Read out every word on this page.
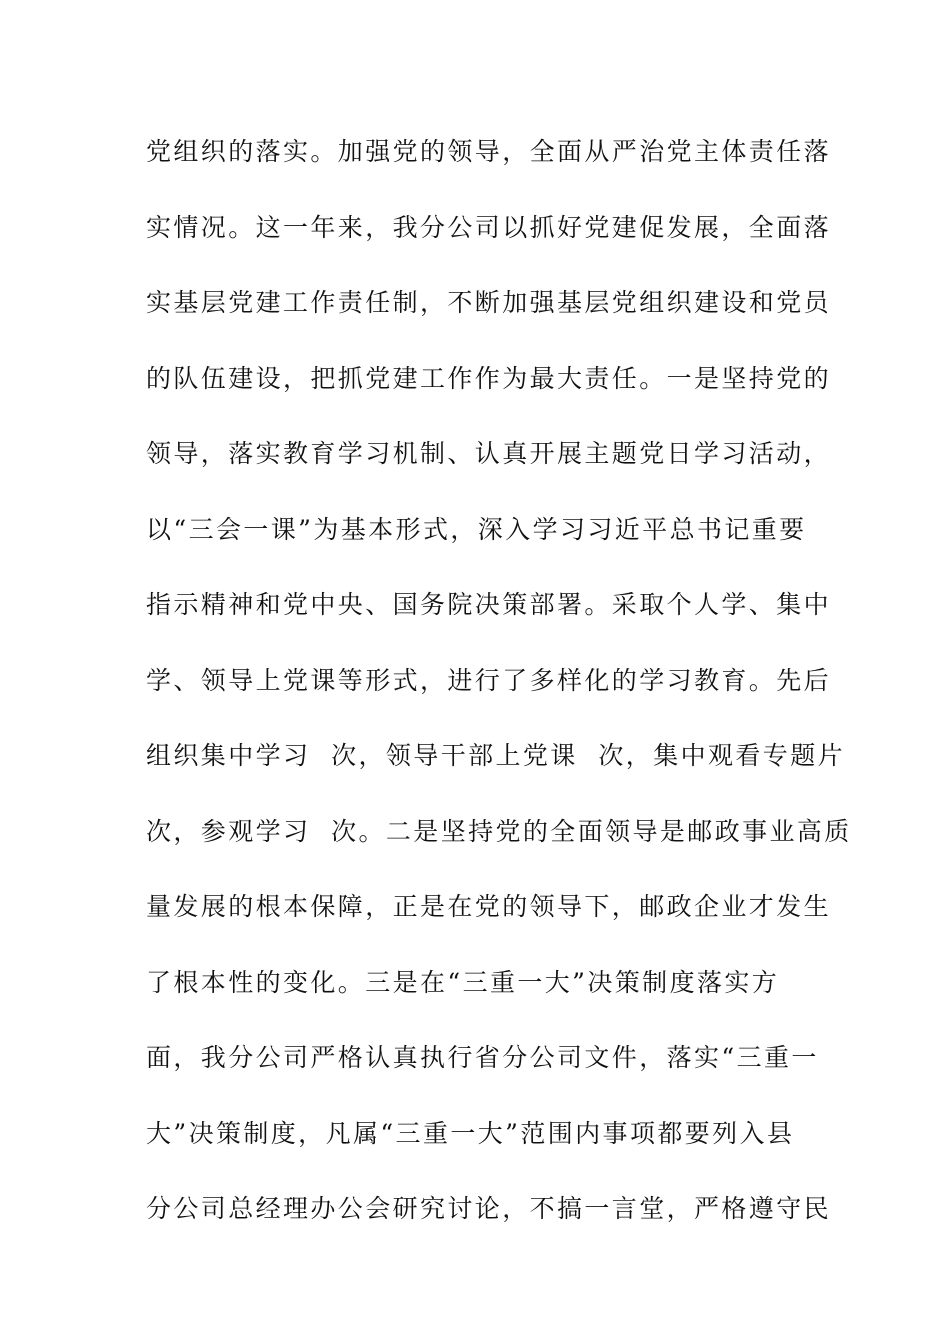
党组织的落实。加强党的领导，全面从严治党主体责任落
实情况。这一年来，我分公司以抓好党建促发展，全面落
实基层党建工作责任制，不断加强基层党组织建设和党员
的队伍建设，把抓党建工作作为最大责任。一是坚持党的
领导，落实教育学习机制、认真开展主题党日学习活动，
以“三会一课”为基本形式，深入学习习近平总书记重要
指示精神和党中央、国务院决策部署。采取个人学、集中
学、领导上党课等形式，进行了多样化的学习教育。先后
组织集中学习  次，领导干部上党课  次，集中观看专题片
次，参观学习  次。二是坚持党的全面领导是邮政事业高质
量发展的根本保障，正是在党的领导下，邮政企业才发生
了根本性的变化。三是在“三重一大”决策制度落实方
面，我分公司严格认真执行省分公司文件，落实“三重一
大”决策制度，凡属“三重一大”范围内事项都要列入县
分公司总经理办公会研究讨论，不搞一言堂，严格遵守民
